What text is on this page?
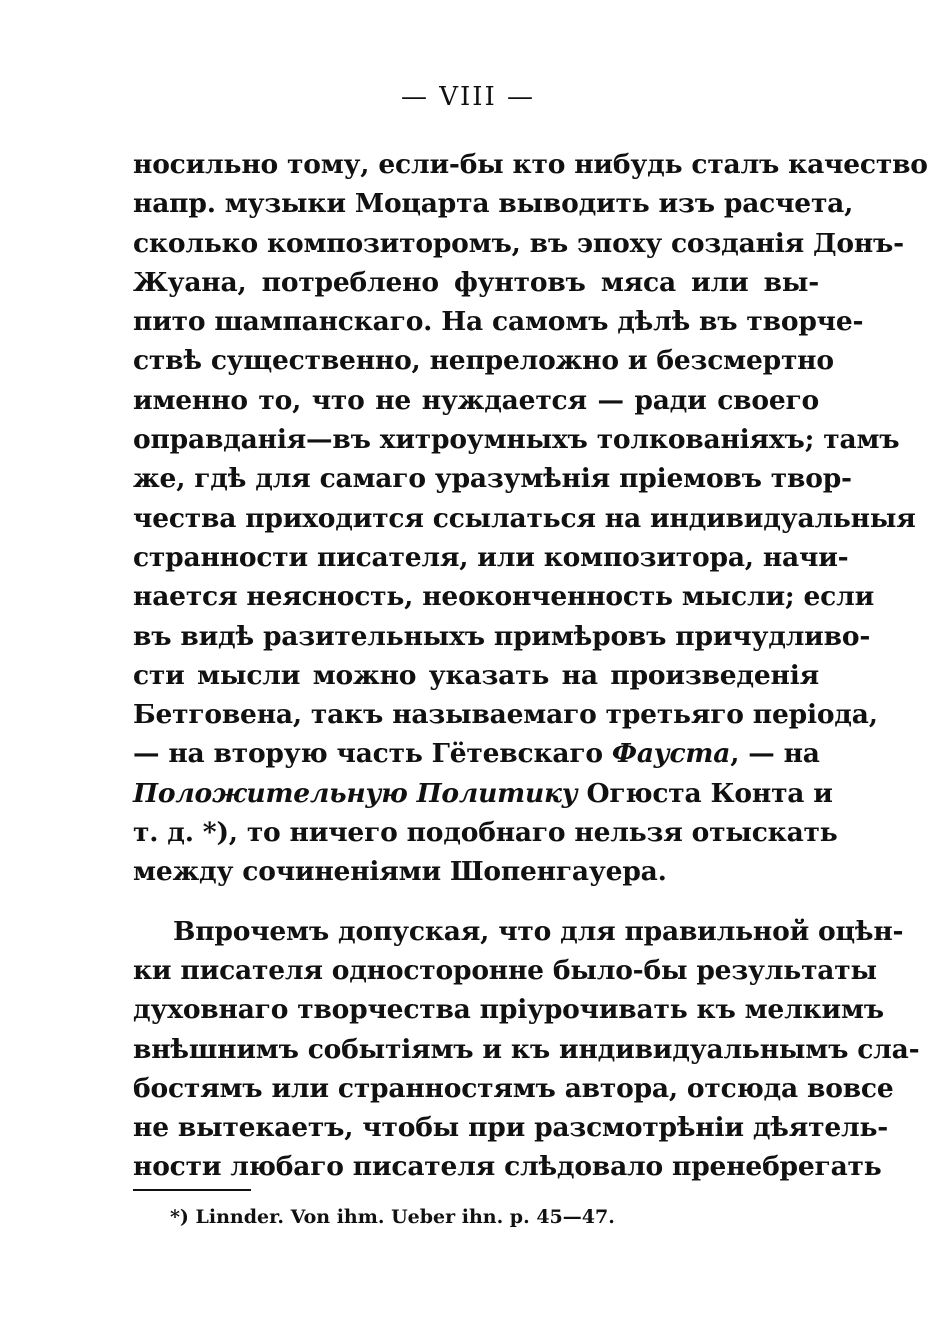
— VIII —
носильно тому, если-бы кто нибудь сталъ качество
напр. музыки Моцарта выводить изъ расчета,
сколько композиторомъ, въ эпоху созданія Донъ-
Жуана, потреблено фунтовъ мяса или вы-
пито шампанскаго. На самомъ дѣлѣ въ творче-
ствѣ существенно, непреложно и безсмертно
именно то, что не нуждается — ради своего
оправданія—въ хитроумныхъ толкованіяхъ; тамъ
же, гдѣ для самаго уразумѣнія пріемовъ твор-
чества приходится ссылаться на индивидуальныя
странности писателя, или композитора, начи-
нается неясность, неоконченность мысли; если
въ видѣ разительныхъ примѣровъ причудливо-
сти мысли можно указать на произведенія
Бетговена, такъ называемаго третьяго періода,
— на вторую часть Гётевскаго Фауста, — на
Положительную Политику Огюста Конта и
т. д. *), то ничего подобнаго нельзя отыскать
между сочиненіями Шопенгауера.
Впрочемъ допуская, что для правильной оцѣн-
ки писателя односторонне было-бы результаты
духовнаго творчества пріурочивать къ мелкимъ
внѣшнимъ событіямъ и къ индивидуальнымъ сла-
бостямъ или странностямъ автора, отсюда вовсе
не вытекаетъ, чтобы при разсмотрѣніи дѣятель-
ности любаго писателя слѣдовало пренебрегать
*) Linnder. Von ihm. Ueber ihn. p. 45—47.
